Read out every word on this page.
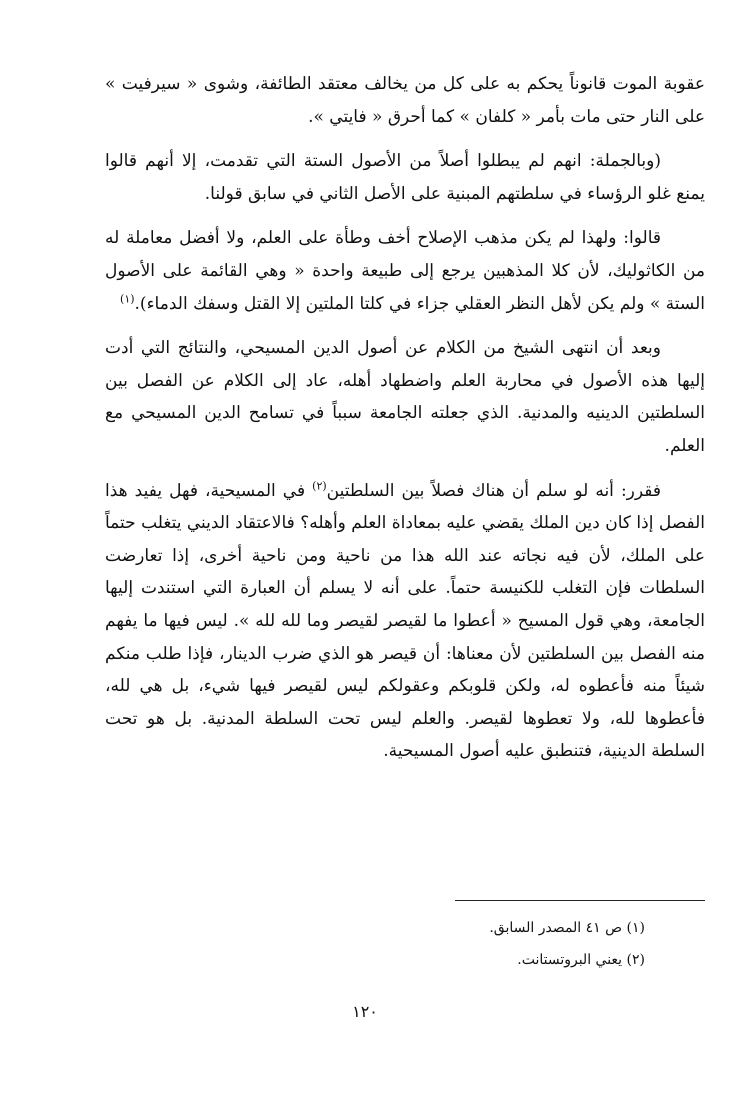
عقوبة الموت قانوناً يحكم به على كل من يخالف معتقد الطائفة، وشوى « سيرفيت » على النار حتى مات بأمر « كلفان » كما أحرق « فايتي ».

(وبالجملة: انهم لم يبطلوا أصلاً من الأصول الستة التي تقدمت، إلا أنهم قالوا يمنع غلو الرؤساء في سلطتهم المبنية على الأصل الثاني في سابق قولنا.

قالوا: ولهذا لم يكن مذهب الإصلاح أخف وطأة على العلم، ولا أفضل معاملة له من الكاثوليك، لأن كلا المذهبين يرجع إلى طبيعة واحدة « وهي القائمة على الأصول الستة » ولم يكن لأهل النظر العقلي جزاء في كلتا الملتين إلا القتل وسفك الدماء).$^{(١)}$

وبعد أن انتهى الشيخ من الكلام عن أصول الدين المسيحي، والنتائج التي أدت إليها هذه الأصول في محاربة العلم واضطهاد أهله، عاد إلى الكلام عن الفصل بين السلطتين الدينيه والمدنية. الذي جعلته الجامعة سبباً في تسامح الدين المسيحي مع العلم.

فقرر: أنه لو سلم أن هناك فصلاً بين السلطتين$^{(٢)}$ في المسيحية، فهل يفيد هذا الفصل إذا كان دين الملك يقضي عليه بمعاداة العلم وأهله؟ فالاعتقاد الديني يتغلب حتماً على الملك، لأن فيه نجاته عند الله هذا من ناحية ومن ناحية أخرى، إذا تعارضت السلطات فإن التغلب للكنيسة حتماً. على أنه لا يسلم أن العبارة التي استندت إليها الجامعة، وهي قول المسيح « أعطوا ما لقيصر لقيصر وما لله لله ». ليس فيها ما يفهم منه الفصل بين السلطتين لأن معناها: أن قيصر هو الذي ضرب الدينار، فإذا طلب منكم شيئاً منه فأعطوه له، ولكن قلوبكم وعقولكم ليس لقيصر فيها شيء، بل هي لله، فأعطوها لله، ولا تعطوها لقيصر. والعلم ليس تحت السلطة المدنية. بل هو تحت السلطة الدينية، فتنطبق عليه أصول المسيحية.

(١) ص ٤١ المصدر السابق.

(٢) يعني البروتستانت.

١٢٠
